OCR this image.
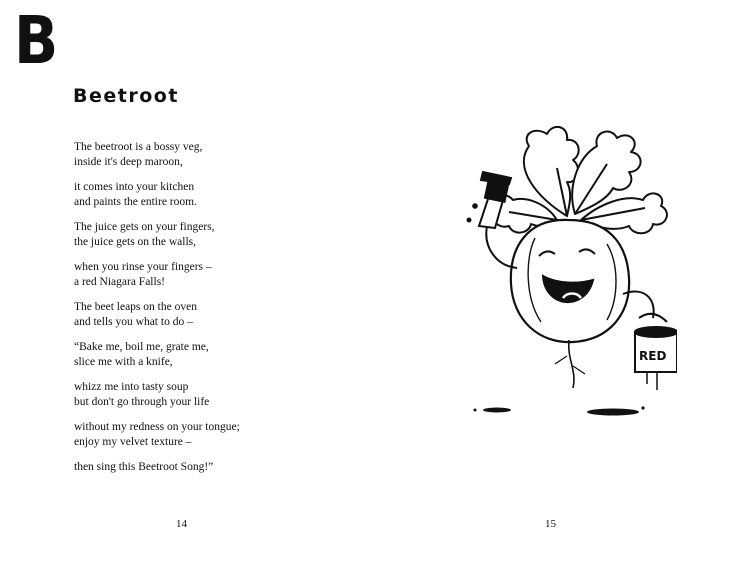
B
Beetroot
The beetroot is a bossy veg,
inside it's deep maroon,
it comes into your kitchen
and paints the entire room.
The juice gets on your fingers,
the juice gets on the walls,
when you rinse your fingers –
a red Niagara Falls!
The beet leaps on the oven
and tells you what to do –
“Bake me, boil me, grate me,
slice me with a knife,
whizz me into tasty soup
but don't go through your life
without my redness on your tongue;
enjoy my velvet texture –
then sing this Beetroot Song!”
14
RED
15
